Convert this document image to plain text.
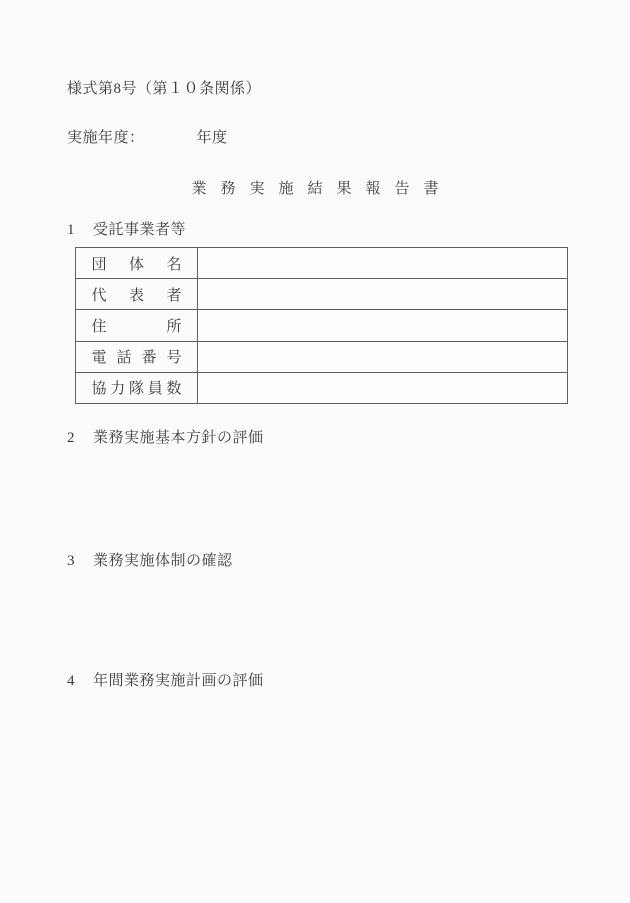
様式第8号（第１０条関係）
実施年度：	年度
業務実施結果報告書
1 受託事業者等
団体名	
代表者	
住所	
電話番号	
協力隊員数	
2 業務実施基本方針の評価
3 業務実施体制の確認
4 年間業務実施計画の評価
